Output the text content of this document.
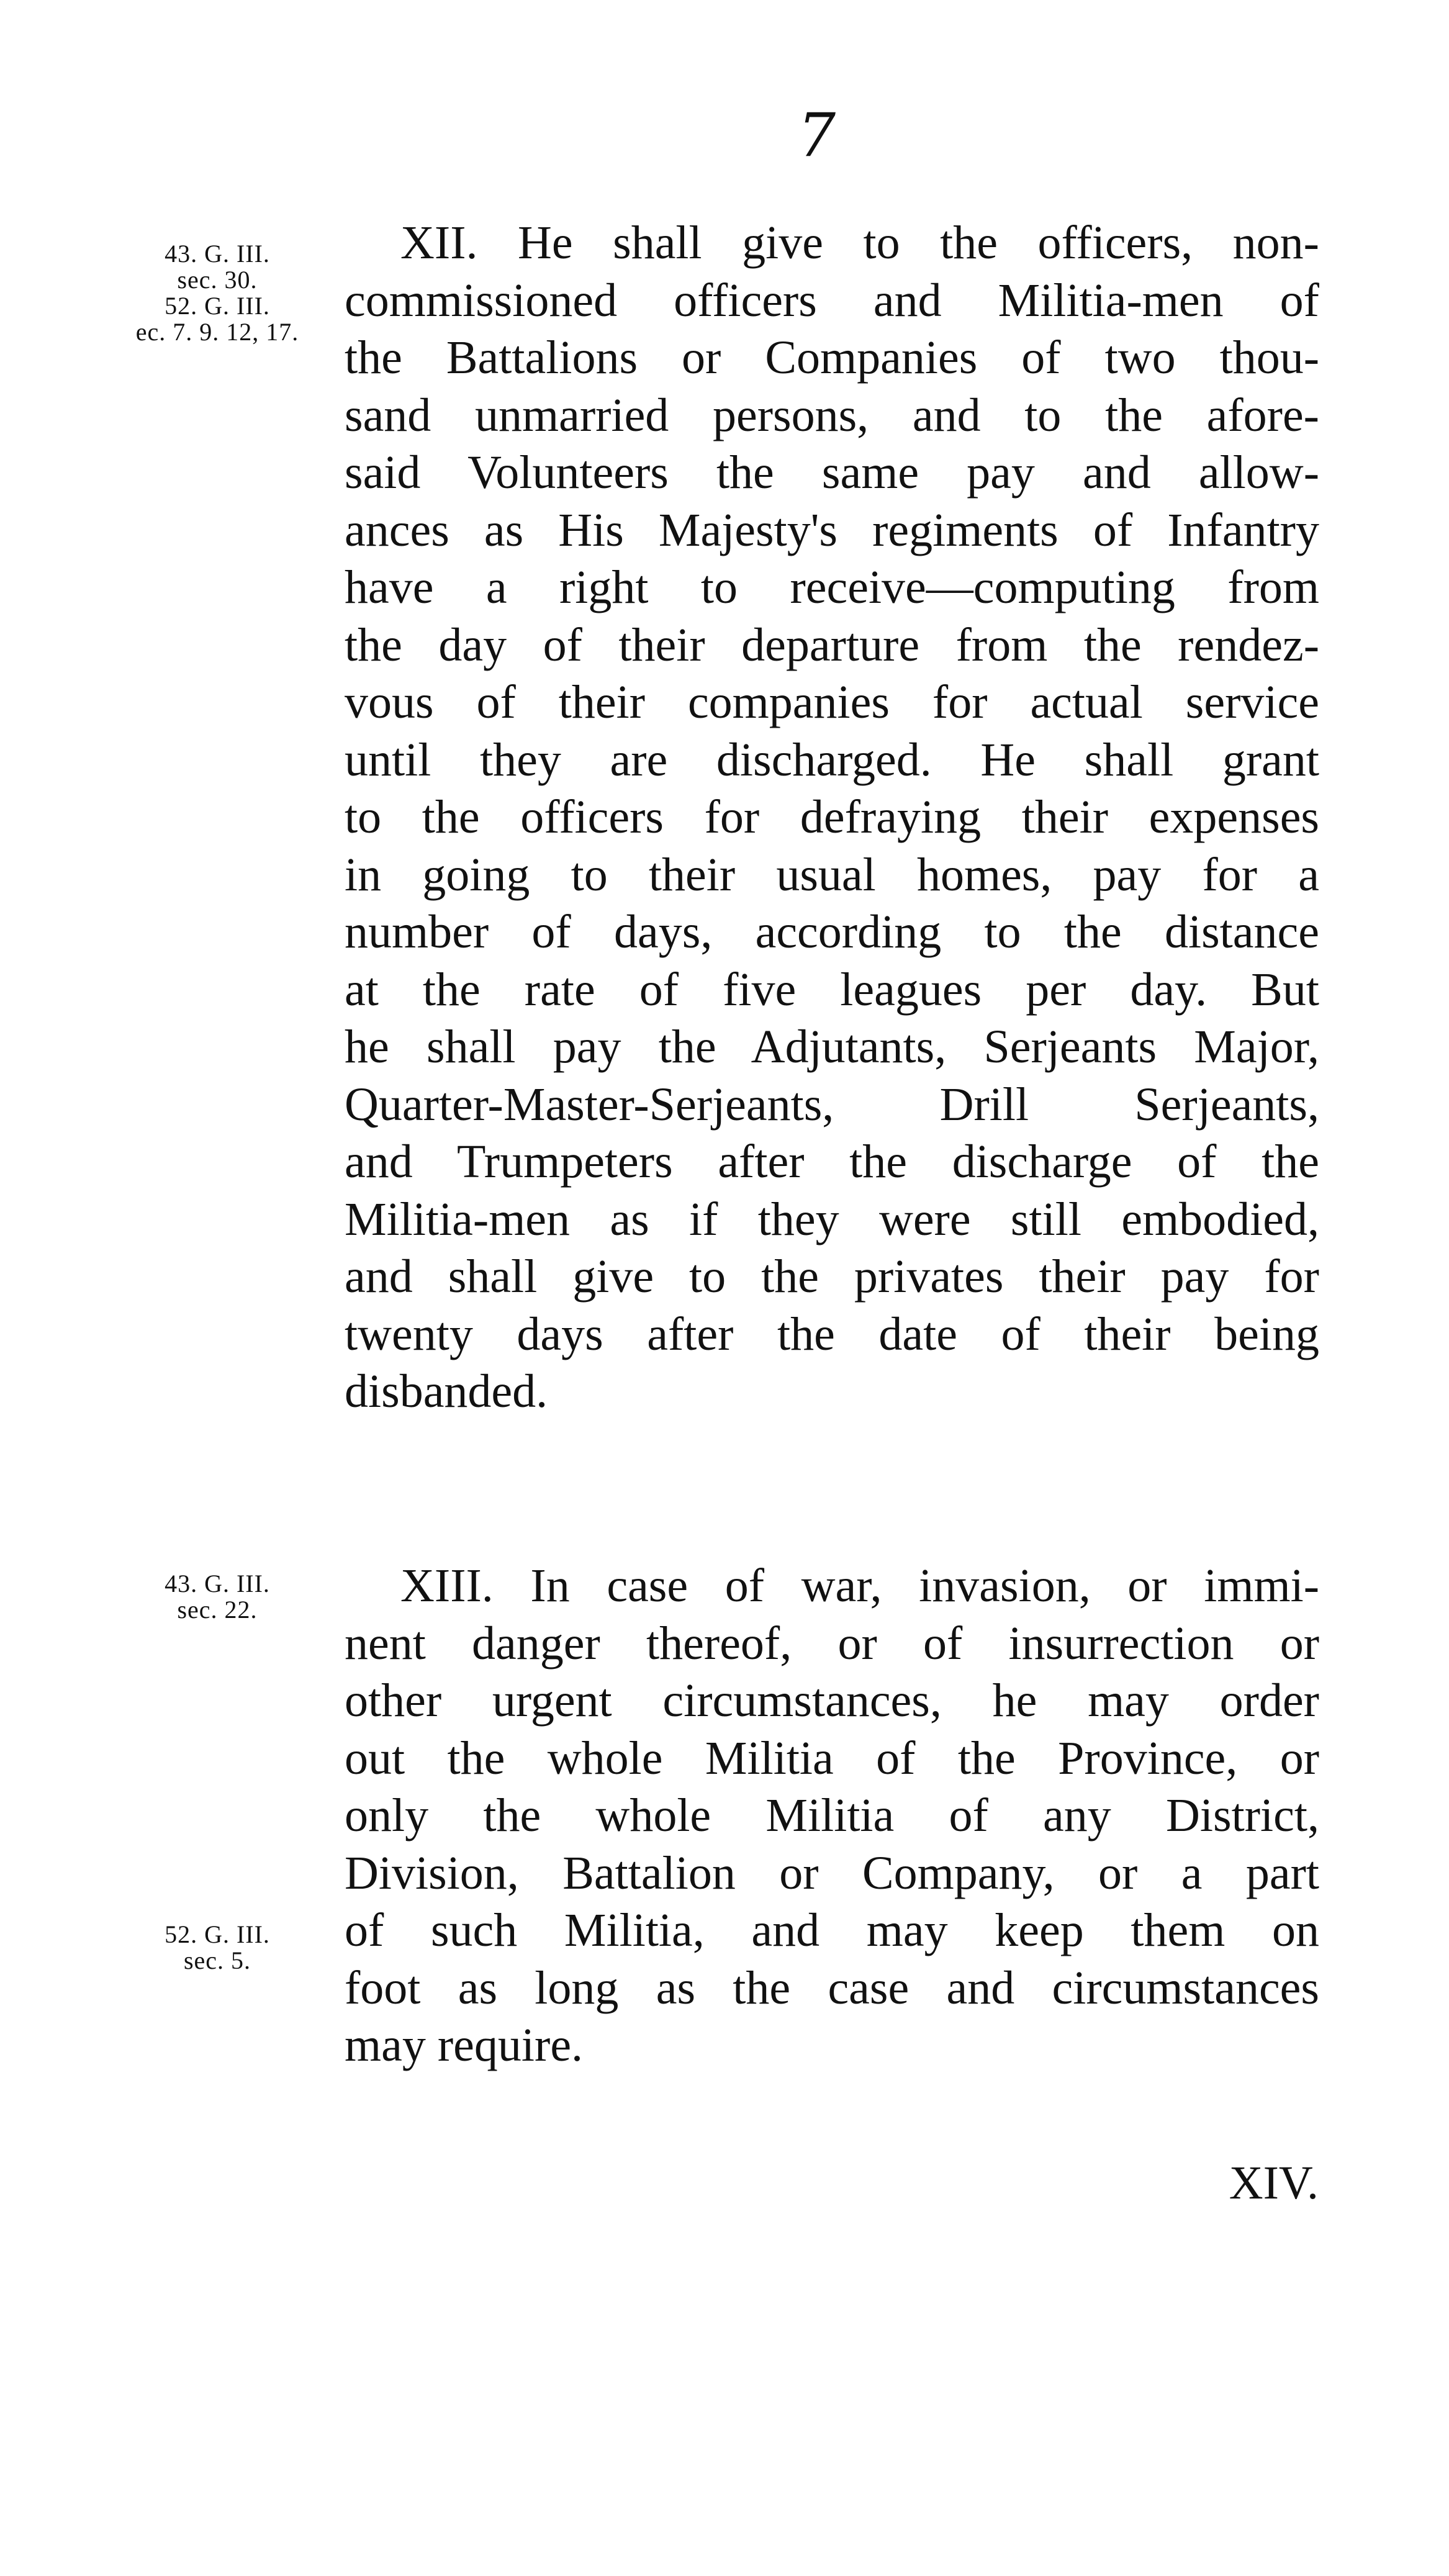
7
43. G. III.
sec. 30.
52. G. III.
ec. 7. 9. 12, 17.
XII. He shall give to the officers, non-
commissioned officers and Militia-men of
the Battalions or Companies of two thou-
sand unmarried persons, and to the afore-
said Volunteers the same pay and allow-
ances as His Majesty's regiments of Infantry
have a right to receive—computing from
the day of their departure from the rendez-
vous of their companies for actual service
until they are discharged. He shall grant
to the officers for defraying their expenses
in going to their usual homes, pay for a
number of days, according to the distance
at the rate of five leagues per day. But
he shall pay the Adjutants, Serjeants Major,
Quarter-Master-Serjeants, Drill Serjeants,
and Trumpeters after the discharge of the
Militia-men as if they were still embodied,
and shall give to the privates their pay for
twenty days after the date of their being
disbanded.
43. G. III.
sec. 22.
52. G. III.
sec. 5.
XIII. In case of war, invasion, or immi-
nent danger thereof, or of insurrection or
other urgent circumstances, he may order
out the whole Militia of the Province, or
only the whole Militia of any District,
Division, Battalion or Company, or a part
of such Militia, and may keep them on
foot as long as the case and circumstances
may require.
XIV.
